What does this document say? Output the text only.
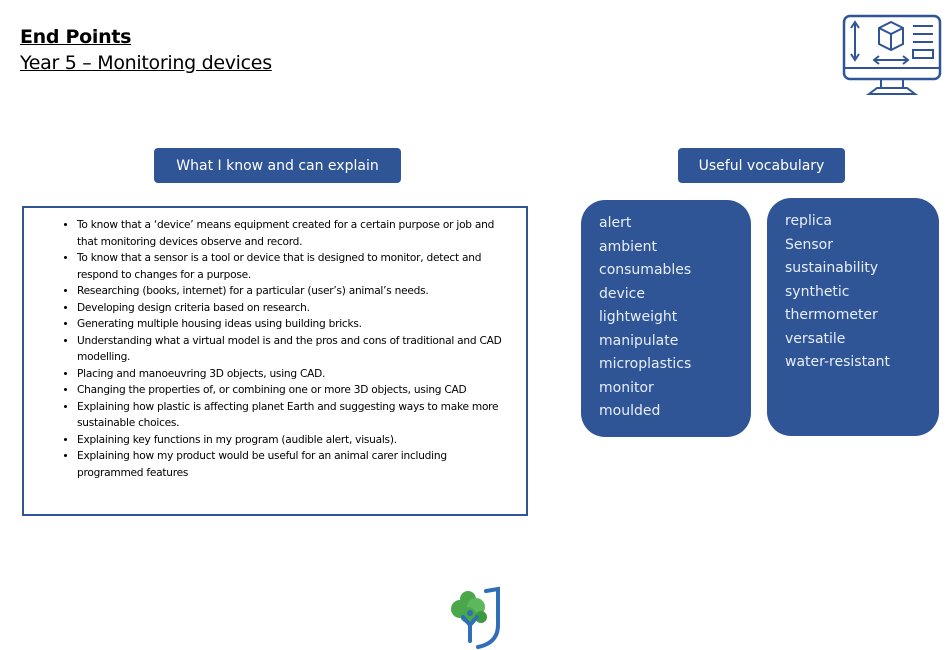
End Points
Year 5 – Monitoring devices
What I know and can explain	Useful vocabulary
• To know that a ‘device’ means equipment created for a certain purpose or job and that monitoring devices observe and record.
• To know that a sensor is a tool or device that is designed to monitor, detect and respond to changes for a purpose.
• Researching (books, internet) for a particular (user’s) animal’s needs.
• Developing design criteria based on research.
• Generating multiple housing ideas using building bricks.
• Understanding what a virtual model is and the pros and cons of traditional and CAD modelling.
• Placing and manoeuvring 3D objects, using CAD.
• Changing the properties of, or combining one or more 3D objects, using CAD
• Explaining how plastic is affecting planet Earth and suggesting ways to make more sustainable choices.
• Explaining key functions in my program (audible alert, visuals).
• Explaining how my product would be useful for an animal carer including programmed features
alert
ambient
consumables
device
lightweight
manipulate
microplastics
monitor
moulded
replica
Sensor
sustainability
synthetic
thermometer
versatile
water-resistant
